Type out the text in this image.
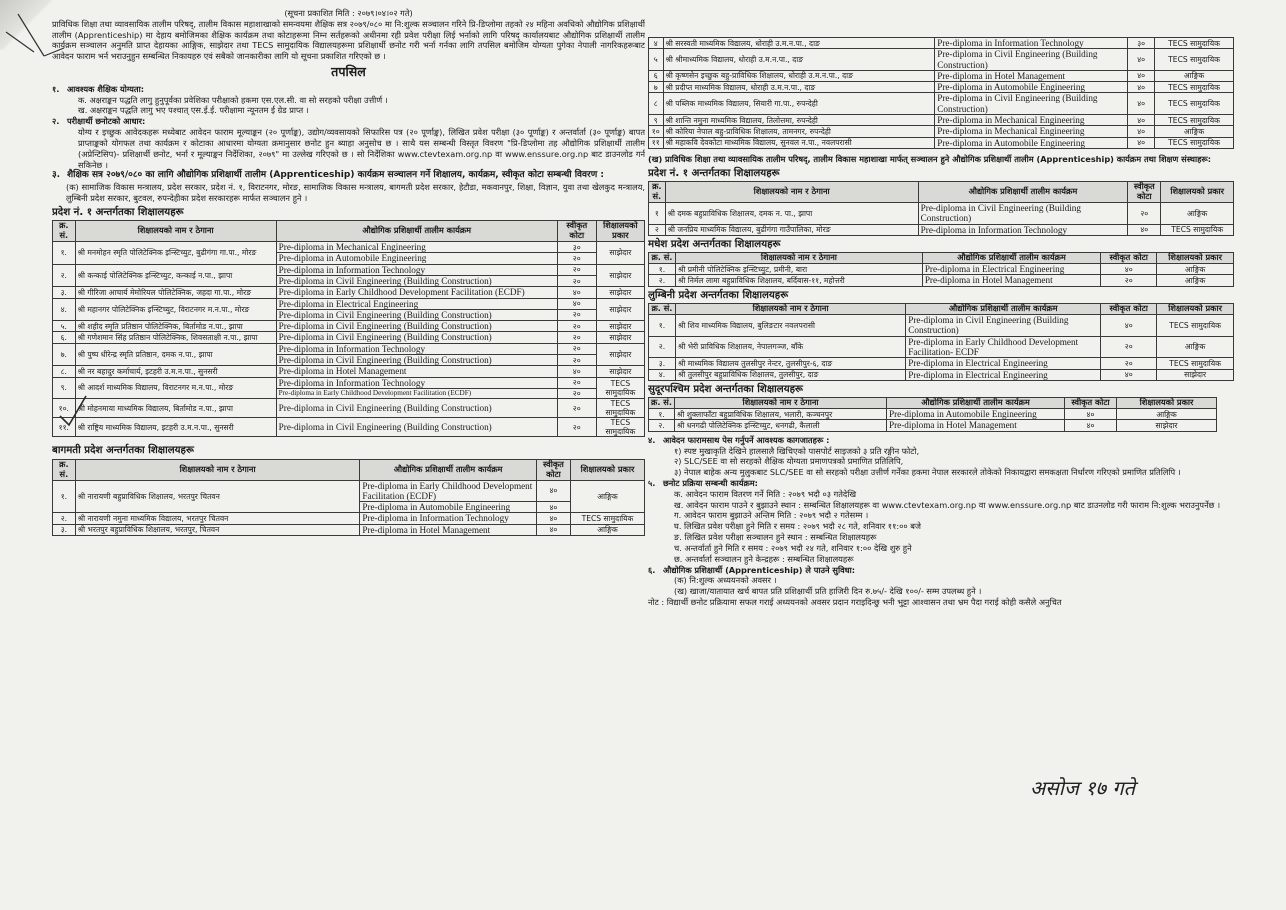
(सूचना प्रकाशित मिति : २०७९।०४।०२ गते)

प्राविधिक शिक्षा तथा व्यावसायिक तालीम परिषद्, तालीम विकास महाशाखाको समन्वयमा शैक्षिक सत्र २०७९/०८० मा नि:शुल्क सञ्चालन गरिने प्रि-डिप्लोमा तहको २४ महिना अवधिको औद्योगिक प्रशिक्षार्थी तालीम (Apprenticeship) मा देहाय बमोजिमका शैक्षिक कार्यक्रम तथा कोटाहरूमा निम्न सर्तहरूको अधीनमा रही प्रवेश परीक्षा लिई भर्नाको लागि परिषद् कार्यालयबाट औद्योगिक प्रशिक्षार्थी तालीम कार्यक्रम सञ्चालन अनुमति प्राप्त देहायका आङ्गिक, साझेदार तथा TECS सामुदायिक विद्यालयहरूमा प्रशिक्षार्थी छनोट गरी भर्ना गर्नका लागि तपसिल बमोजिम योग्यता पुगेका नेपाली नागरिकहरूबाट आवेदन फाराम भर्न भराउनुहुन सम्बन्धित निकायहरु एवं सबैको जानकारीका लागि यो सूचना प्रकाशित गरिएको छ ।

तपसिल

१. आवश्यक शैक्षिक योग्यता:

क. अक्षराङ्कन पद्धति लागु हुनुपूर्वका प्रवेशिका परीक्षाको हकमा एस.एल.सी. वा सो सरहको परीक्षा उत्तीर्ण ।

ख. अक्षराङ्कन पद्धति लागु भए पश्चात् एस.ई.ई. परीक्षामा न्यूनतम ई ग्रेड प्राप्त ।

२. परीक्षार्थी छनोटको आधार:

योग्य र इच्छुक आवेदकहरू मध्येबाट आवेदन फाराम मूल्याङ्कन (२० पूर्णाङ्क), उद्योग/व्यवसायको सिफारिस पत्र (२० पूर्णाङ्क), लिखित प्रवेश परीक्षा (३० पूर्णाङ्क) र अन्तर्वार्ता (३० पूर्णाङ्क) बापत प्राप्ताङ्कको योगफल तथा कार्यक्रम र कोटाका आधारमा योग्यता क्रमानुसार छनोट हुन ब्याहा अनुसोच छ । साथै यस सम्बन्धी विस्तृत विवरण "प्रि-डिप्लोमा तह औद्योगिक प्रशिक्षार्थी तालीम (अप्रेन्टिसिप)- प्रशिक्षार्थी छनोट, भर्ना र मूल्याङ्कन निर्देशिका, २०७९" मा उल्लेख गरिएको छ । सो निर्देशिका www.ctevtexam.org.np वा www.enssure.org.np बाट डाउनलोड गर्न सकिनेछ ।

३. शैक्षिक सत्र २०७९/०८० का लागि औद्योगिक प्रशिक्षार्थी तालीम (Apprenticeship) कार्यक्रम सञ्चालन गर्ने शिक्षालय, कार्यक्रम, स्वीकृत कोटा सम्बन्धी विवरण :

(क) सामाजिक विकास मन्त्रालय, प्रदेश सरकार, प्रदेश नं. १, विराटनगर, मोरङ, सामाजिक विकास मन्त्रालय, बागमती प्रदेश सरकार, हेटौडा, मकवानपुर, शिक्षा, विज्ञान, युवा तथा खेलकुद मन्त्रालय, लुम्बिनी प्रदेश सरकार, बुटवल, रुपन्देहीका प्रदेश सरकारहरू मार्फत सञ्चालन हुने ।

प्रदेश नं. १ अन्तर्गतका शिक्षालयहरू

क्र. सं.	शिक्षालयको नाम र ठेगाना	औद्योगिक प्रशिक्षार्थी तालीम कार्यक्रम	स्वीकृत कोटा	शिक्षालयको प्रकार
१.	श्री मनमोहन स्मृति पोलिटेक्निक इन्स्टिच्युट, बुढीगंगा गा.पा., मोरङ	Pre-diploma in Mechanical Engineering	३०	साझेदार
		Pre-diploma in Automobile Engineering	२०	
२.	श्री कन्काई पोलिटेक्निक इन्स्टिच्युट, कन्काई न.पा., झापा	Pre-diploma in Information Technology	२०	साझेदार
		Pre-diploma in Civil Engineering (Building Construction)	२०	
३.	श्री गीरिजा आचार्य मेमोरियल पोलिटेक्निक, जहदा गा.पा., मोरङ	Pre-diploma in Early Childhood Development Facilitation (ECDF)	४०	साझेदार
४.	श्री महानगर पोलिटेक्निक इन्स्टिच्युट, विराटनगर म.न.पा., मोरङ	Pre-diploma in Electrical Engineering	४०	साझेदार
		Pre-diploma in Civil Engineering (Building Construction)	२०	
५.	श्री शहीद स्मृति प्रतिष्ठान पोलिटेक्निक, बिर्तामोड न.पा., झापा	Pre-diploma in Civil Engineering (Building Construction)	२०	साझेदार
६.	श्री गणेशमान सिंह प्रतिष्ठान पोलिटेक्निक, शिवसताक्षी न.पा., झापा	Pre-diploma in Civil Engineering (Building Construction)	२०	साझेदार
७.	श्री पुष्प धीरेन्द्र स्मृति प्रतिष्ठान, दमक न.पा., झापा	Pre-diploma in Information Technology	२०	साझेदार
		Pre-diploma in Civil Engineering (Building Construction)	२०	
८.	श्री नर बहादुर कर्माचार्य, इटहरी उ.म.न.पा., सुनसरी	Pre-diploma in Hotel Management	४०	साझेदार
९.	श्री आदर्श माध्यमिक विद्यालय, विराटनगर म.न.पा., मोरङ	Pre-diploma in Information Technology	२०	TECS सामुदायिक
		Pre-diploma in Early Childhood Development Facilitation (ECDF)	२०	
१०.	श्री मोहनमाया माध्यमिक विद्यालय, बिर्तामोड न.पा., झापा	Pre-diploma in Civil Engineering (Building Construction)	२०	TECS सामुदायिक
११.	श्री राष्ट्रिय माध्यमिक विद्यालय, इटहरी उ.म.न.पा., सुनसरी	Pre-diploma in Civil Engineering (Building Construction)	२०	TECS सामुदायिक

बागमती प्रदेश अन्तर्गतका शिक्षालयहरू

क्र. सं.	शिक्षालयको नाम र ठेगाना	औद्योगिक प्रशिक्षार्थी तालीम कार्यक्रम	स्वीकृत कोटा	शिक्षालयको प्रकार
१.	श्री नारायणी बहुप्राविधिक शिक्षालय, भरतपुर चितवन	Pre-diploma in Early Childhood Development Facilitation (ECDF)	४०	आङ्गिक
		Pre-diploma in Automobile Engineering	४०	
२.	श्री नारायणी नमुना माध्यमिक विद्यालय, भरतपुर चितवन	Pre-diploma in Information Technology	४०	TECS सामुदायिक
३.	श्री भरतपुर बहुप्राविधिक शिक्षालय, भरतपुर, चितवन	Pre-diploma in Hotel Management	४०	आङ्गिक
४	श्री सरस्वती माध्यमिक विद्यालय, धोराही उ.म.न.पा., दाङ	Pre-diploma in Information Technology	३०	TECS सामुदायिक
५	श्री श्रीमाध्यमिक विद्यालय, धोराही उ.म.न.पा., दाङ	Pre-diploma in Civil Engineering (Building Construction)	४०	TECS सामुदायिक
६	श्री कृष्णसेन इच्छुक बहु-प्राविधिक शिक्षालय, धोराही उ.म.न.पा., दाङ	Pre-diploma in Hotel Management	४०	आङ्गिक
७	श्री प्रदीप्त माध्यमिक विद्यालय, धोराही उ.म.न.पा., दाङ	Pre-diploma in Automobile Engineering	४०	TECS सामुदायिक
८	श्री पब्लिक माध्यमिक विद्यालय, सियारी गा.पा., रुपन्देही	Pre-diploma in Civil Engineering (Building Construction)	४०	TECS सामुदायिक
९	श्री शान्ति नमुना माध्यमिक विद्यालय, तिलोत्तमा, रुपन्देही	Pre-diploma in Mechanical Engineering	४०	TECS सामुदायिक
१०	श्री कोरिया नेपाल बहु-प्राविधिक शिक्षालय, तामनगर, रुपन्देही	Pre-diploma in Mechanical Engineering	४०	आङ्गिक
११	श्री महाकवि देवकोटा माध्यमिक विद्यालय, सुनवल न.पा., नवलपरासी	Pre-diploma in Automobile Engineering	४०	TECS सामुदायिक

(ख) प्राविधिक शिक्षा तथा व्यावसायिक तालीम परिषद्, तालीम विकास महाशाखा मार्फत् सञ्चालन हुने औद्योगिक प्रशिक्षार्थी तालीम (Apprenticeship) कार्यक्रम तथा शिक्षण संस्थाहरू:

प्रदेश नं. १ अन्तर्गतका शिक्षालयहरू

क्र. सं.	शिक्षालयको नाम र ठेगाना	औद्योगिक प्रशिक्षार्थी तालीम कार्यक्रम	स्वीकृत कोटा	शिक्षालयको प्रकार
१	श्री दमक बहुप्राविधिक शिक्षालय, दमक न. पा., झापा	Pre-diploma in Civil Engineering (Building Construction)	२०	आङ्गिक
२	श्री जनप्रिय माध्यमिक विद्यालय, बुढीगंगा गाउँपालिका, मोरङ	Pre-diploma in Information Technology	४०	TECS सामुदायिक

मधेश प्रदेश अन्तर्गतका शिक्षालयहरू

क्र. सं.	शिक्षालयको नाम र ठेगाना	औद्योगिक प्रशिक्षार्थी तालीम कार्यक्रम	स्वीकृत कोटा	शिक्षालयको प्रकार
१.	श्री प्रमीनी पोलिटेक्निक इन्स्टिच्युट, प्रमीनी, बारा	Pre-diploma in Electrical Engineering	४०	आङ्गिक
२.	श्री निर्मल लामा बहुप्राविधिक शिक्षालय, बर्दिबास-११, महोत्तरी	Pre-diploma in Hotel Management	२०	आङ्गिक

लुम्बिनी प्रदेश अन्तर्गतका शिक्षालयहरू

क्र. सं.	शिक्षालयको नाम र ठेगाना	औद्योगिक प्रशिक्षार्थी तालीम कार्यक्रम	स्वीकृत कोटा	शिक्षालयको प्रकार
१.	श्री शिव माध्यमिक विद्यालय, बुलिङटार नवलपरासी	Pre-diploma in Civil Engineering (Building Construction)	४०	TECS सामुदायिक
२.	श्री भेरी प्राविधिक शिक्षालय, नेपालगञ्ज, बाँके	Pre-diploma in Early Childhood Development Facilitation- ECDF	२०	आङ्गिक
३.	श्री माध्यमिक विद्यालय तुलसीपुर नेन्टर, तुलसीपुर-६, दाङ	Pre-diploma in Electrical Engineering	२०	TECS सामुदायिक
४.	श्री तुलसीपुर बहुप्राविधिक शिक्षालय, तुलसीपुर, दाङ	Pre-diploma in Electrical Engineering	४०	साझेदार

सुदूरपश्चिम प्रदेश अन्तर्गतका शिक्षालयहरू

क्र. सं.	शिक्षालयको नाम र ठेगाना	औद्योगिक प्रशिक्षार्थी तालीम कार्यक्रम	स्वीकृत कोटा	शिक्षालयको प्रकार
१.	श्री शुक्लाफाँटा बहुप्राविधिक शिक्षालय, भलारी, कञ्चनपुर	Pre-diploma in Automobile Engineering	४०	आङ्गिक
२.	श्री धनगढी पोलिटेक्निक इन्स्टिच्युट, धनगढी, कैलाली	Pre-diploma in Hotel Management	४०	साझेदार

४. आवेदन फारामसाथ पेस गर्नुपर्ने आवश्यक कागजातहरू :

१) स्पष्ट मुखाकृति देखिने हालसालै खिचिएको पासपोर्ट साइजको ३ प्रति रङ्गीन फोटो,

२) SLC/SEE वा सो सरहको शैक्षिक योग्यता प्रमाणपत्रको प्रमाणित प्रतिलिपि,

३) नेपाल बाहेक अन्य मुलुकबाट SLC/SEE वा सो सरहको परीक्षा उत्तीर्ण गर्नेका हकमा नेपाल सरकारले तोकेको निकायद्वारा समकक्षता निर्धारण गरिएको प्रमाणित प्रतिलिपि ।

५. छनोट प्रक्रिया सम्बन्धी कार्यक्रम:

क. आवेदन फाराम वितरण गर्ने मिति : २०७९ भदौ ०३ गतेदेखि

ख. आवेदन फाराम पाउने र बुझाउने स्थान : सम्बन्धित शिक्षालयहरू वा www.ctevtexam.org.np वा www.enssure.org.np बाट डाउनलोड गरी फाराम नि:शुल्क भराउनुपर्नेछ ।

ग. आवेदन फाराम बुझाउने अन्तिम मिति : २०७९ भदौ २ गतेसम्म ।

घ. लिखित प्रवेश परीक्षा हुने मिति र समय : २०७९ भदौ २८ गते, शनिवार ११:०० बजे

ङ. लिखित प्रवेश परीक्षा सञ्चालन हुने स्थान : सम्बन्धित शिक्षालयहरू

च. अन्तर्वार्ता हुने मिति र समय : २०७९ भदौ २४ गते, शनिवार १:०० देखि शुरु हुने

छ. अन्तर्वार्ता सञ्चालन हुने केन्द्रहरू : सम्बन्धित शिक्षालयहरू

६. औद्योगिक प्रशिक्षार्थी (Apprenticeship) ले पाउने सुविधा:

(क) नि:शुल्क अध्ययनको अवसर ।

(ख) खाजा/यातायात खर्च बापत प्रति प्रशिक्षार्थी प्रति हाजिरी दिन रु.७५/- देखि १००/- सम्म उपलब्ध हुने ।

नोट : विद्यार्थी छनोट प्रक्रियामा सफल गराई अध्ययनको अवसर प्रदान गराइदिन्छु भनी भुट्टा आश्वासन तथा भ्रम पैदा गराई कोही कसैले अनुचित

असोज १७ गते
